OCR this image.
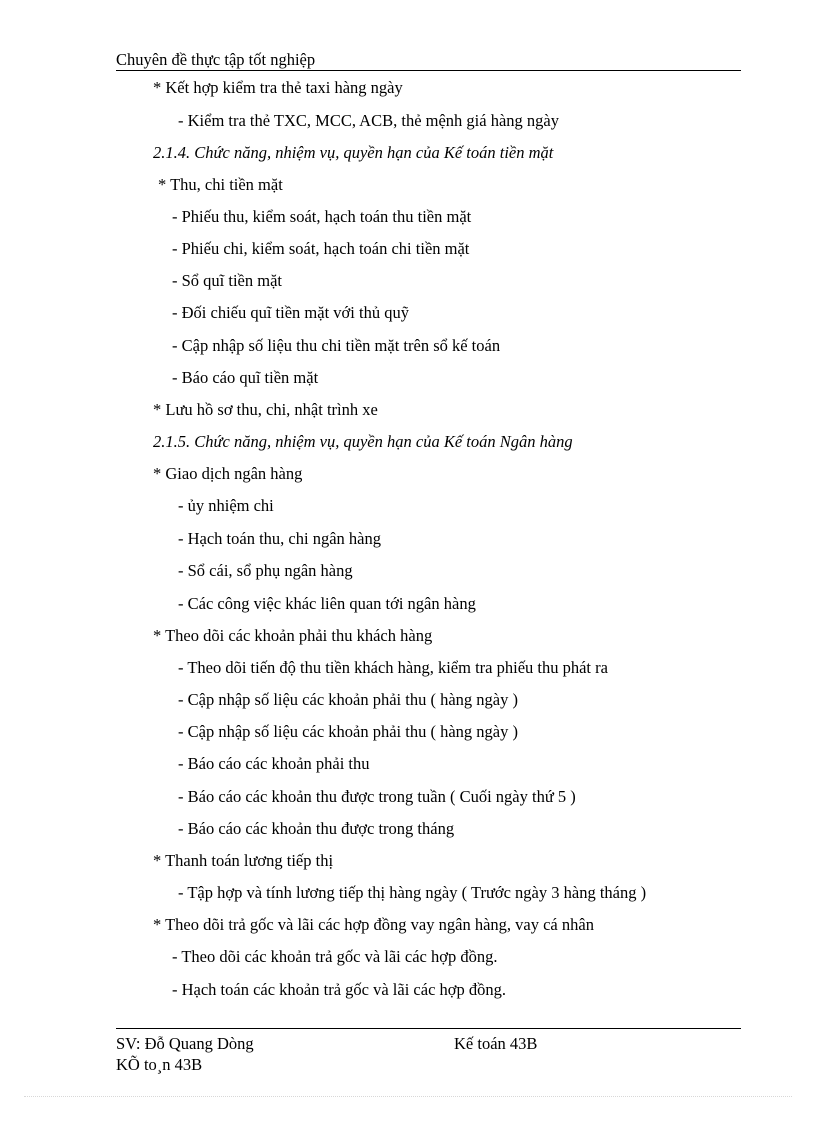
Chuyên đề thực tập tốt nghiệp
* Kết hợp kiểm tra thẻ taxi hàng ngày
- Kiểm tra thẻ TXC, MCC, ACB, thẻ mệnh giá hàng ngày
2.1.4. Chức năng, nhiệm vụ, quyền hạn của Kế toán tiền mặt
* Thu, chi tiền mặt
- Phiếu thu, kiểm soát, hạch toán thu tiền mặt
- Phiếu chi, kiểm soát, hạch toán chi tiền mặt
- Sổ quĩ tiền mặt
- Đối chiếu quĩ tiền mặt với thủ quỹ
- Cập nhập số liệu thu chi tiền mặt trên sổ kế toán
- Báo cáo quĩ tiền mặt
* Lưu hồ sơ thu, chi, nhật trình xe
2.1.5. Chức năng, nhiệm vụ, quyền hạn của Kế toán Ngân hàng
* Giao dịch ngân hàng
- ủy nhiệm chi
- Hạch toán thu, chi ngân hàng
- Sổ cái, sổ phụ ngân hàng
- Các công việc khác liên quan tới ngân hàng
* Theo dõi các khoản phải thu khách hàng
- Theo dõi tiến độ thu tiền khách hàng, kiểm tra phiếu thu phát ra
- Cập nhập số liệu các khoản phải thu ( hàng ngày )
- Cập nhập số liệu các khoản phải thu ( hàng ngày )
- Báo cáo các khoản phải thu
- Báo cáo các khoản thu được trong tuần ( Cuối ngày thứ 5 )
- Báo cáo các khoản thu được trong tháng
* Thanh toán lương tiếp thị
- Tập hợp và tính lương tiếp thị hàng ngày ( Trước ngày 3 hàng tháng )
* Theo dõi trả gốc và lãi các hợp đồng vay ngân hàng, vay cá nhân
- Theo dõi các khoản trả gốc và lãi các hợp đồng.
- Hạch toán các khoản trả gốc và lãi các hợp đồng.
SV: Đỗ Quang Dòng	Kế toán 43B
KÕ to¸n 43B
